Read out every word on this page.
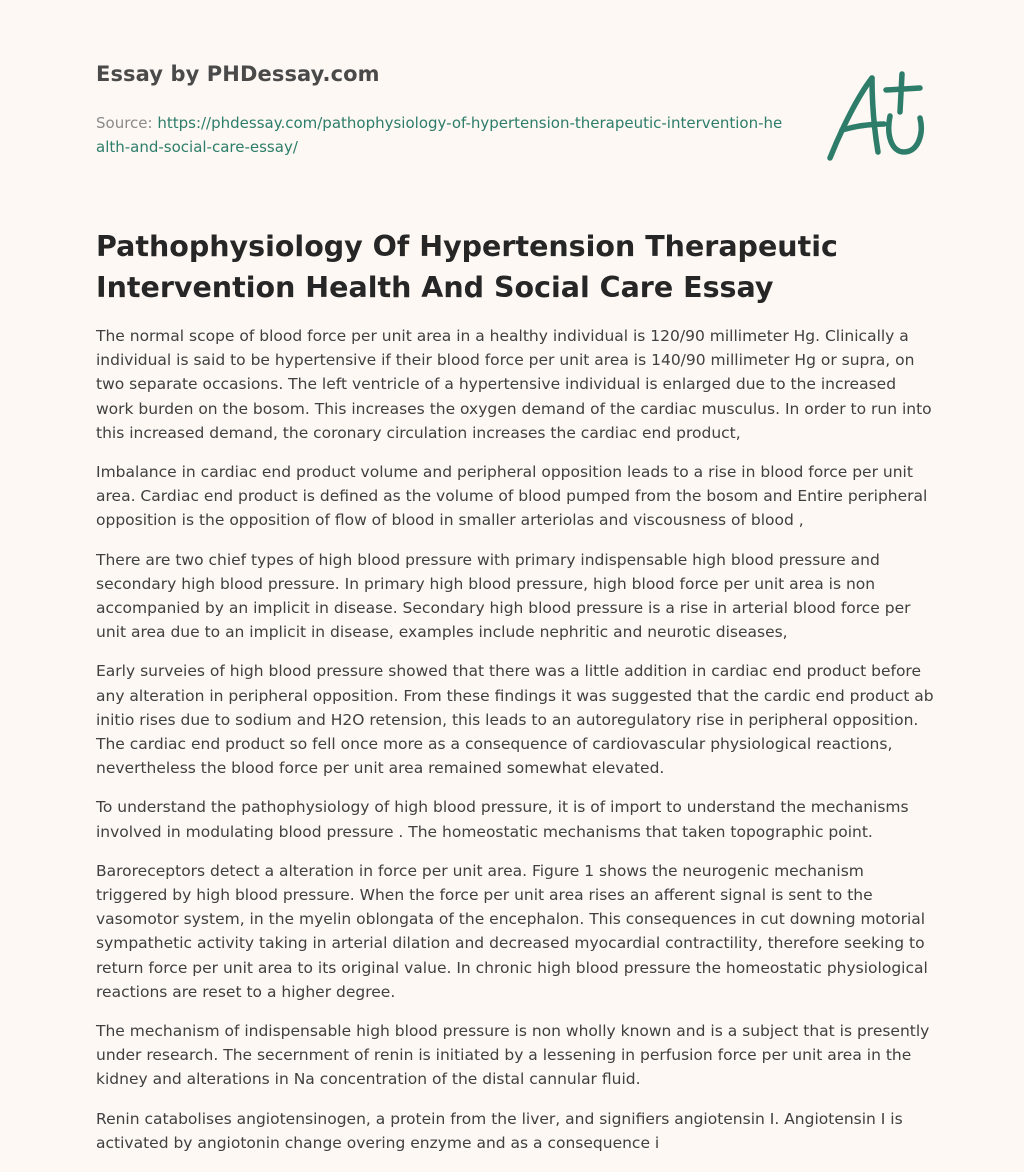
Essay by PHDessay.com
Source: https://phdessay.com/pathophysiology-of-hypertension-therapeutic-intervention-health-and-social-care-essay/
Pathophysiology Of Hypertension Therapeutic Intervention Health And Social Care Essay

The normal scope of blood force per unit area in a healthy individual is 120/90 millimeter Hg. Clinically a individual is said to be hypertensive if their blood force per unit area is 140/90 millimeter Hg or supra, on two separate occasions. The left ventricle of a hypertensive individual is enlarged due to the increased work burden on the bosom. This increases the oxygen demand of the cardiac musculus. In order to run into this increased demand, the coronary circulation increases the cardiac end product,

Imbalance in cardiac end product volume and peripheral opposition leads to a rise in blood force per unit area. Cardiac end product is defined as the volume of blood pumped from the bosom and Entire peripheral opposition is the opposition of flow of blood in smaller arteriolas and viscousness of blood ,

There are two chief types of high blood pressure with primary indispensable high blood pressure and secondary high blood pressure. In primary high blood pressure, high blood force per unit area is non accompanied by an implicit in disease. Secondary high blood pressure is a rise in arterial blood force per unit area due to an implicit in disease, examples include nephritic and neurotic diseases,

Early surveies of high blood pressure showed that there was a little addition in cardiac end product before any alteration in peripheral opposition. From these findings it was suggested that the cardic end product ab initio rises due to sodium and H2O retension, this leads to an autoregulatory rise in peripheral opposition. The cardiac end product so fell once more as a consequence of cardiovascular physiological reactions, nevertheless the blood force per unit area remained somewhat elevated.

To understand the pathophysiology of high blood pressure, it is of import to understand the mechanisms involved in modulating blood pressure . The homeostatic mechanisms that taken topographic point.

Baroreceptors detect a alteration in force per unit area. Figure 1 shows the neurogenic mechanism triggered by high blood pressure. When the force per unit area rises an afferent signal is sent to the vasomotor system, in the myelin oblongata of the encephalon. This consequences in cut downing motorial sympathetic activity taking in arterial dilation and decreased myocardial contractility, therefore seeking to return force per unit area to its original value. In chronic high blood pressure the homeostatic physiological reactions are reset to a higher degree.

The mechanism of indispensable high blood pressure is non wholly known and is a subject that is presently under research. The secernment of renin is initiated by a lessening in perfusion force per unit area in the kidney and alterations in Na concentration of the distal cannular fluid.

Renin catabolises angiotensinogen, a protein from the liver, and signifiers angiotensin I. Angiotensin I is activated by angiotonin change overing enzyme and as a consequence i
